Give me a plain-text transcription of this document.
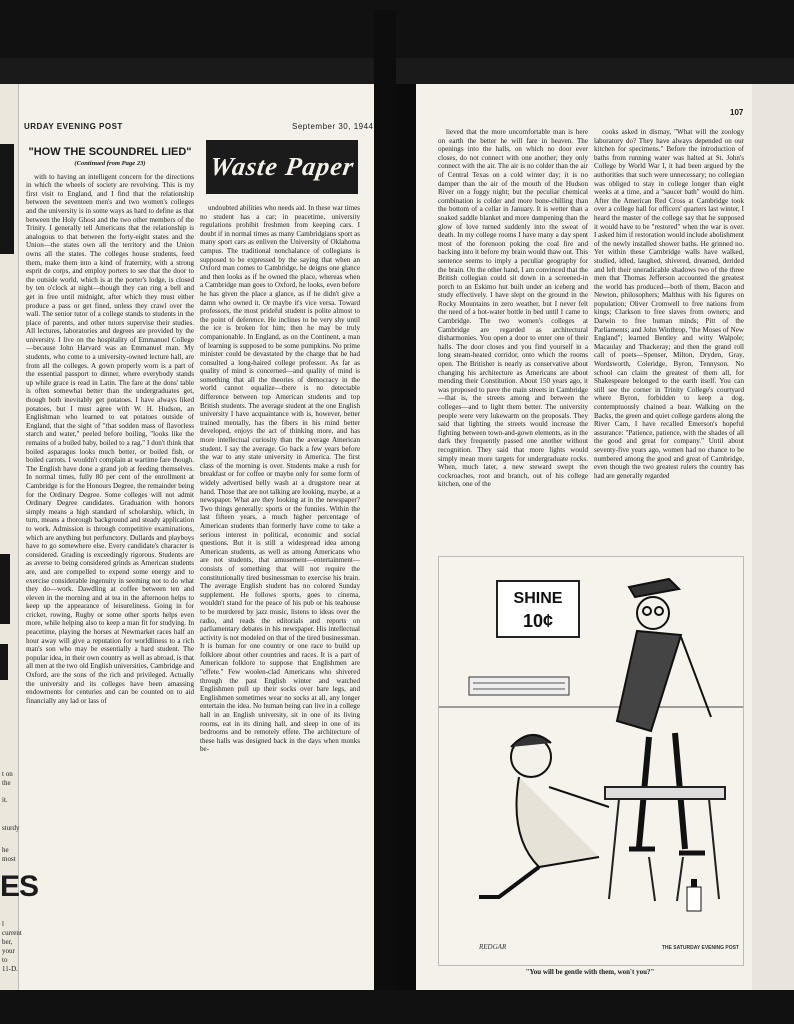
t on the
it.
sturdy
he most
ES
l current ber, your to 11-D.
URDAY EVENING POST	September 30, 1944
"HOW THE SCOUNDREL LIED"
(Continued from Page 23)

with to having an intelligent concern for the directions in which the wheels of society are revolving. This is my first visit to England, and I find that the relationship between the seventeen men's and two women's colleges and the university is in some ways as hard to define as that between the Holy Ghost and the two other members of the Trinity. I generally tell Americans that the relationship is analogous to that between the forty-eight states and the Union—the states own all the territory and the Union owns all the states. The colleges house students, feed them, make them into a kind of fraternity, with a strong esprit de corps, and employ porters to see that the door to the outside world, which is at the porter's lodge, is closed by ten o'clock at night—though they can ring a bell and get in free until midnight, after which they must either produce a pass or get fined, unless they crawl over the wall. The senior tutor of a college stands to students in the place of parents, and other tutors supervise their studies. All lectures, laboratories and degrees are provided by the university. I live on the hospitality of Emmanuel College—because John Harvard was an Emmanuel man. My students, who come to a university-owned lecture hall, are from all the colleges. A gown properly worn is a part of the essential passport to dinner, where everybody stands up while grace is read in Latin. The fare at the dons' table is often somewhat better than the undergraduates get, though both inevitably get potatoes. I have always liked potatoes, but I must agree with W. H. Hudson, an Englishman who learned to eat potatoes outside of England, that the sight of "that sodden mass of flavorless starch and water," peeled before boiling, "looks like the remains of a boiled baby, boiled to a rag." I don't think that boiled asparagus looks much better, or boiled fish, or boiled carrots. I wouldn't complain at wartime fare though. The English have done a grand job at feeding themselves. In normal times, fully 80 per cent of the enrollment at Cambridge is for the Honours Degree, the remainder being for the Ordinary Degree. Some colleges will not admit Ordinary Degree candidates. Graduation with honors simply means a high standard of scholarship, which, in turn, means a thorough background and steady application to work. Admission is through competitive examinations, which are anything but perfunctory. Dullards and playboys have to go somewhere else. Every candidate's character is considered. Grading is exceedingly rigorous. Students are as averse to being considered grinds as American students are, and are compelled to expend some energy and to exercise considerable ingenuity in seeming not to do what they do—work. Dawdling at coffee between ten and eleven in the morning and at tea in the afternoon helps to keep up the appearance of leisureliness. Going in for cricket, rowing, Rugby or some other sports helps even more, while helping also to keep a man fit for studying. In peacetime, playing the horses at Newmarket races half an hour away will give a reputation for worldliness to a rich man's son who may be essentially a hard student. The popular idea, in their own country as well as abroad, is that all men at the two old English universities, Cambridge and Oxford, are the sons of the rich and privileged. Actually the university and its colleges have been amassing endowments for centuries and can be counted on to aid financially any lad or lass of

Waste Paper

undoubted abilities who needs aid. In these war times no student has a car; in peacetime, university regulations prohibit freshmen from keeping cars. I doubt if in normal times as many Cambridgians sport as many sport cars as enliven the University of Oklahoma campus. The traditional nonchalance of collegians is supposed to be expressed by the saying that when an Oxford man comes to Cambridge, he deigns one glance and then looks as if he owned the place, whereas when a Cambridge man goes to Oxford, he looks, even before he has given the place a glance, as if he didn't give a damn who owned it. Or maybe it's vice versa. Toward professors, the most prideful student is polite almost to the point of deference. He inclines to be very shy until the ice is broken for him; then he may be truly companionable. In England, as on the Continent, a man of learning is supposed to be some pumpkins. No prime minister could be devastated by the charge that he had consulted a long-haired college professor. As far as quality of mind is concerned—and quality of mind is something that all the theories of democracy in the world cannot equalize—there is no detectable difference between top American students and top British students. The average student at the one English university I have acquaintance with is, however, better trained mentally, has the fibers in his mind better developed, enjoys the act of thinking more, and has more intellectual curiosity than the average American student. I say the average. Go back a few years before the war to any state university in America. The first class of the morning is over. Students make a rush for breakfast or for coffee or maybe only for some form of widely advertised belly wash at a drugstore near at hand. Those that are not talking are looking, maybe, at a newspaper. What are they looking at in the newspaper? Two things generally: sports or the funnies. Within the last fifteen years, a much higher percentage of American students than formerly have come to take a serious interest in political, economic and social questions. But it is still a widespread idea among American students, as well as among Americans who are not students, that amusement—entertainment—consists of something that will not require the constitutionally tired businessman to exercise his brain. The average English student has no colored Sunday supplement. He follows sports, goes to cinema, wouldn't stand for the peace of his pub or his teahouse to be murdered by jazz music, listens to ideas over the radio, and reads the editorials and reports on parliamentary debates in his newspaper. His intellectual activity is not modeled on that of the tired businessman. It is human for one country or one race to build up folklore about other countries and races. It is a part of American folklore to suppose that Englishmen are "effete." Few woolen-clad Americans who shivered through the past English winter and watched Englishmen pull up their socks over bare legs, and Englishmen sometimes wear no socks at all, any longer entertain the idea. No human being can live in a college hall in an English university, sit in one of its living rooms, eat in its dining hall, and sleep in one of its bedrooms and be remotely effete. The architecture of these halls was designed back in the days when monks be-

107

lieved that the more uncomfortable man is here on earth the better he will fare in heaven. The openings into the halls, on which no door ever closes, do not connect with one another; they only connect with the air. The air is no colder than the air of Central Texas on a cold winter day; it is no damper than the air of the mouth of the Hudson River on a foggy night; but the peculiar chemical combination is colder and more bone-chilling than the bottom of a cellar in January. It is wetter than a soaked saddle blanket and more dampening than the glow of love turned suddenly into the sweat of death. In my college rooms I have many a day spent most of the forenoon poking the coal fire and backing into it before my brain would thaw out. This sentence seems to imply a peculiar geography for the brain. On the other hand, I am convinced that the British collegian could sit down in a screened-in porch to an Eskimo hut built under an iceberg and study effectively. I have slept on the ground in the Rocky Mountains in zero weather, but I never felt the need of a hot-water bottle in bed until I came to Cambridge. The two women's colleges at Cambridge are regarded as architectural disharmonies. You open a door to enter one of their halls. The door closes and you find yourself in a long steam-heated corridor, onto which the rooms open. The Britisher is nearly as conservative about changing his architecture as Americans are about mending their Constitution. About 150 years ago, it was proposed to pave the main streets in Cambridge—that is, the streets among and between the colleges—and to light them better. The university people were very lukewarm on the proposals. They said that lighting the streets would increase the fighting between town-and-gown elements, as in the dark they frequently passed one another without recognition. They said that more lights would simply mean more targets for undergraduate rocks. When, much later, a new steward swept the cockroaches, root and branch, out of his college kitchen, one of the

cooks asked in dismay, "What will the zoology laboratory do? They have always depended on our kitchen for specimens." Before the introduction of baths from running water was halted at St. John's College by World War I, it had been argued by the authorities that such were unnecessary; no collegian was obliged to stay in college longer than eight weeks at a time, and a "saucer bath" would do him. After the American Red Cross at Cambridge took over a college hall for officers' quarters last winter, I heard the master of the college say that he supposed it would have to be "restored" when the war is over. I asked him if restoration would include abolishment of the newly installed shower baths. He grinned no. Yet within these Cambridge walls have walked, studied, idled, laughed, shivered, dreamed, derided and left their uneradicable shadows two of the three men that Thomas Jefferson accounted the greatest the world has produced—both of them, Bacon and Newton, philosophers; Malthus with his figures on population; Oliver Cromwell to free nations from kings; Clarkson to free slaves from owners; and Darwin to free human minds; Pitt of the Parliaments; and John Winthrop, "the Moses of New England"; learned Bentley and witty Walpole; Macaulay and Thackeray; and then the grand roll call of poets—Spenser, Milton, Dryden, Gray, Wordsworth, Coleridge, Byron, Tennyson. No school can claim the greatest of them all, for Shakespeare belonged to the earth itself. You can still see the corner in Trinity College's courtyard where Byron, forbidden to keep a dog, contemptuously chained a bear. Walking on the Backs, the green and quiet college gardens along the River Cam, I have recalled Emerson's hopeful assurance: "Patience, patience, with the shades of all the good and great for company." Until about seventy-five years ago, women had no chance to be numbered among the good and great of Cambridge, even though the two greatest rulers the country has had are generally regarded

SHINE
10¢
REDGAR	THE SATURDAY EVENING POST
"You will be gentle with them, won't you?"
